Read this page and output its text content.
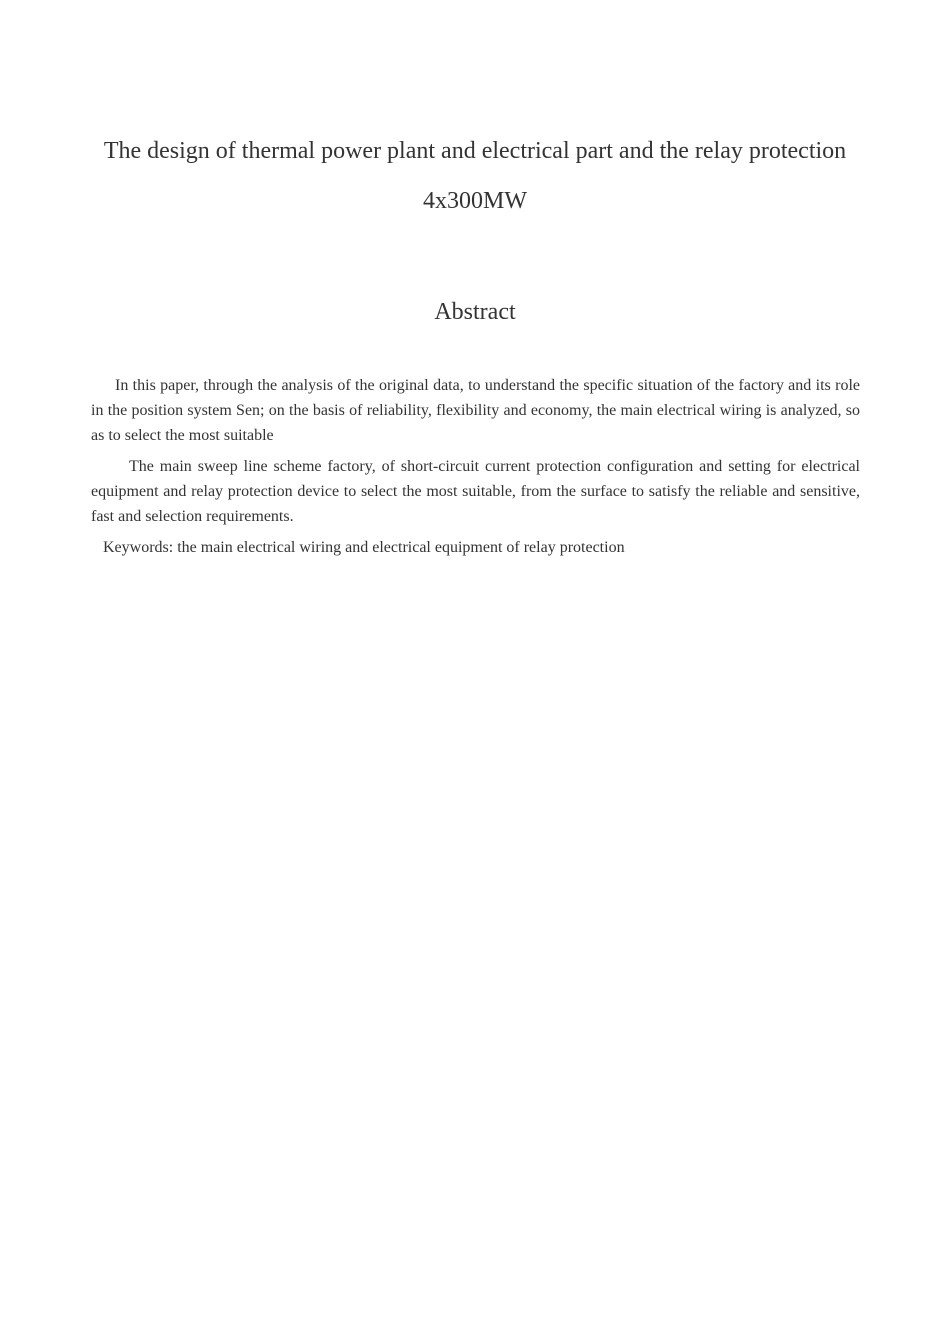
The design of thermal power plant and electrical part and the relay protection
4x300MW
Abstract

In this paper, through the analysis of the original data, to understand the specific situation of the factory and its role in the position system Sen; on the basis of reliability, flexibility and economy, the main electrical wiring is analyzed, so as to select the most suitable

The main sweep line scheme factory, of short-circuit current protection configuration and setting for electrical equipment and relay protection device to select the most suitable, from the surface to satisfy the reliable and sensitive, fast and selection requirements.

Keywords: the main electrical wiring and electrical equipment of relay protection
